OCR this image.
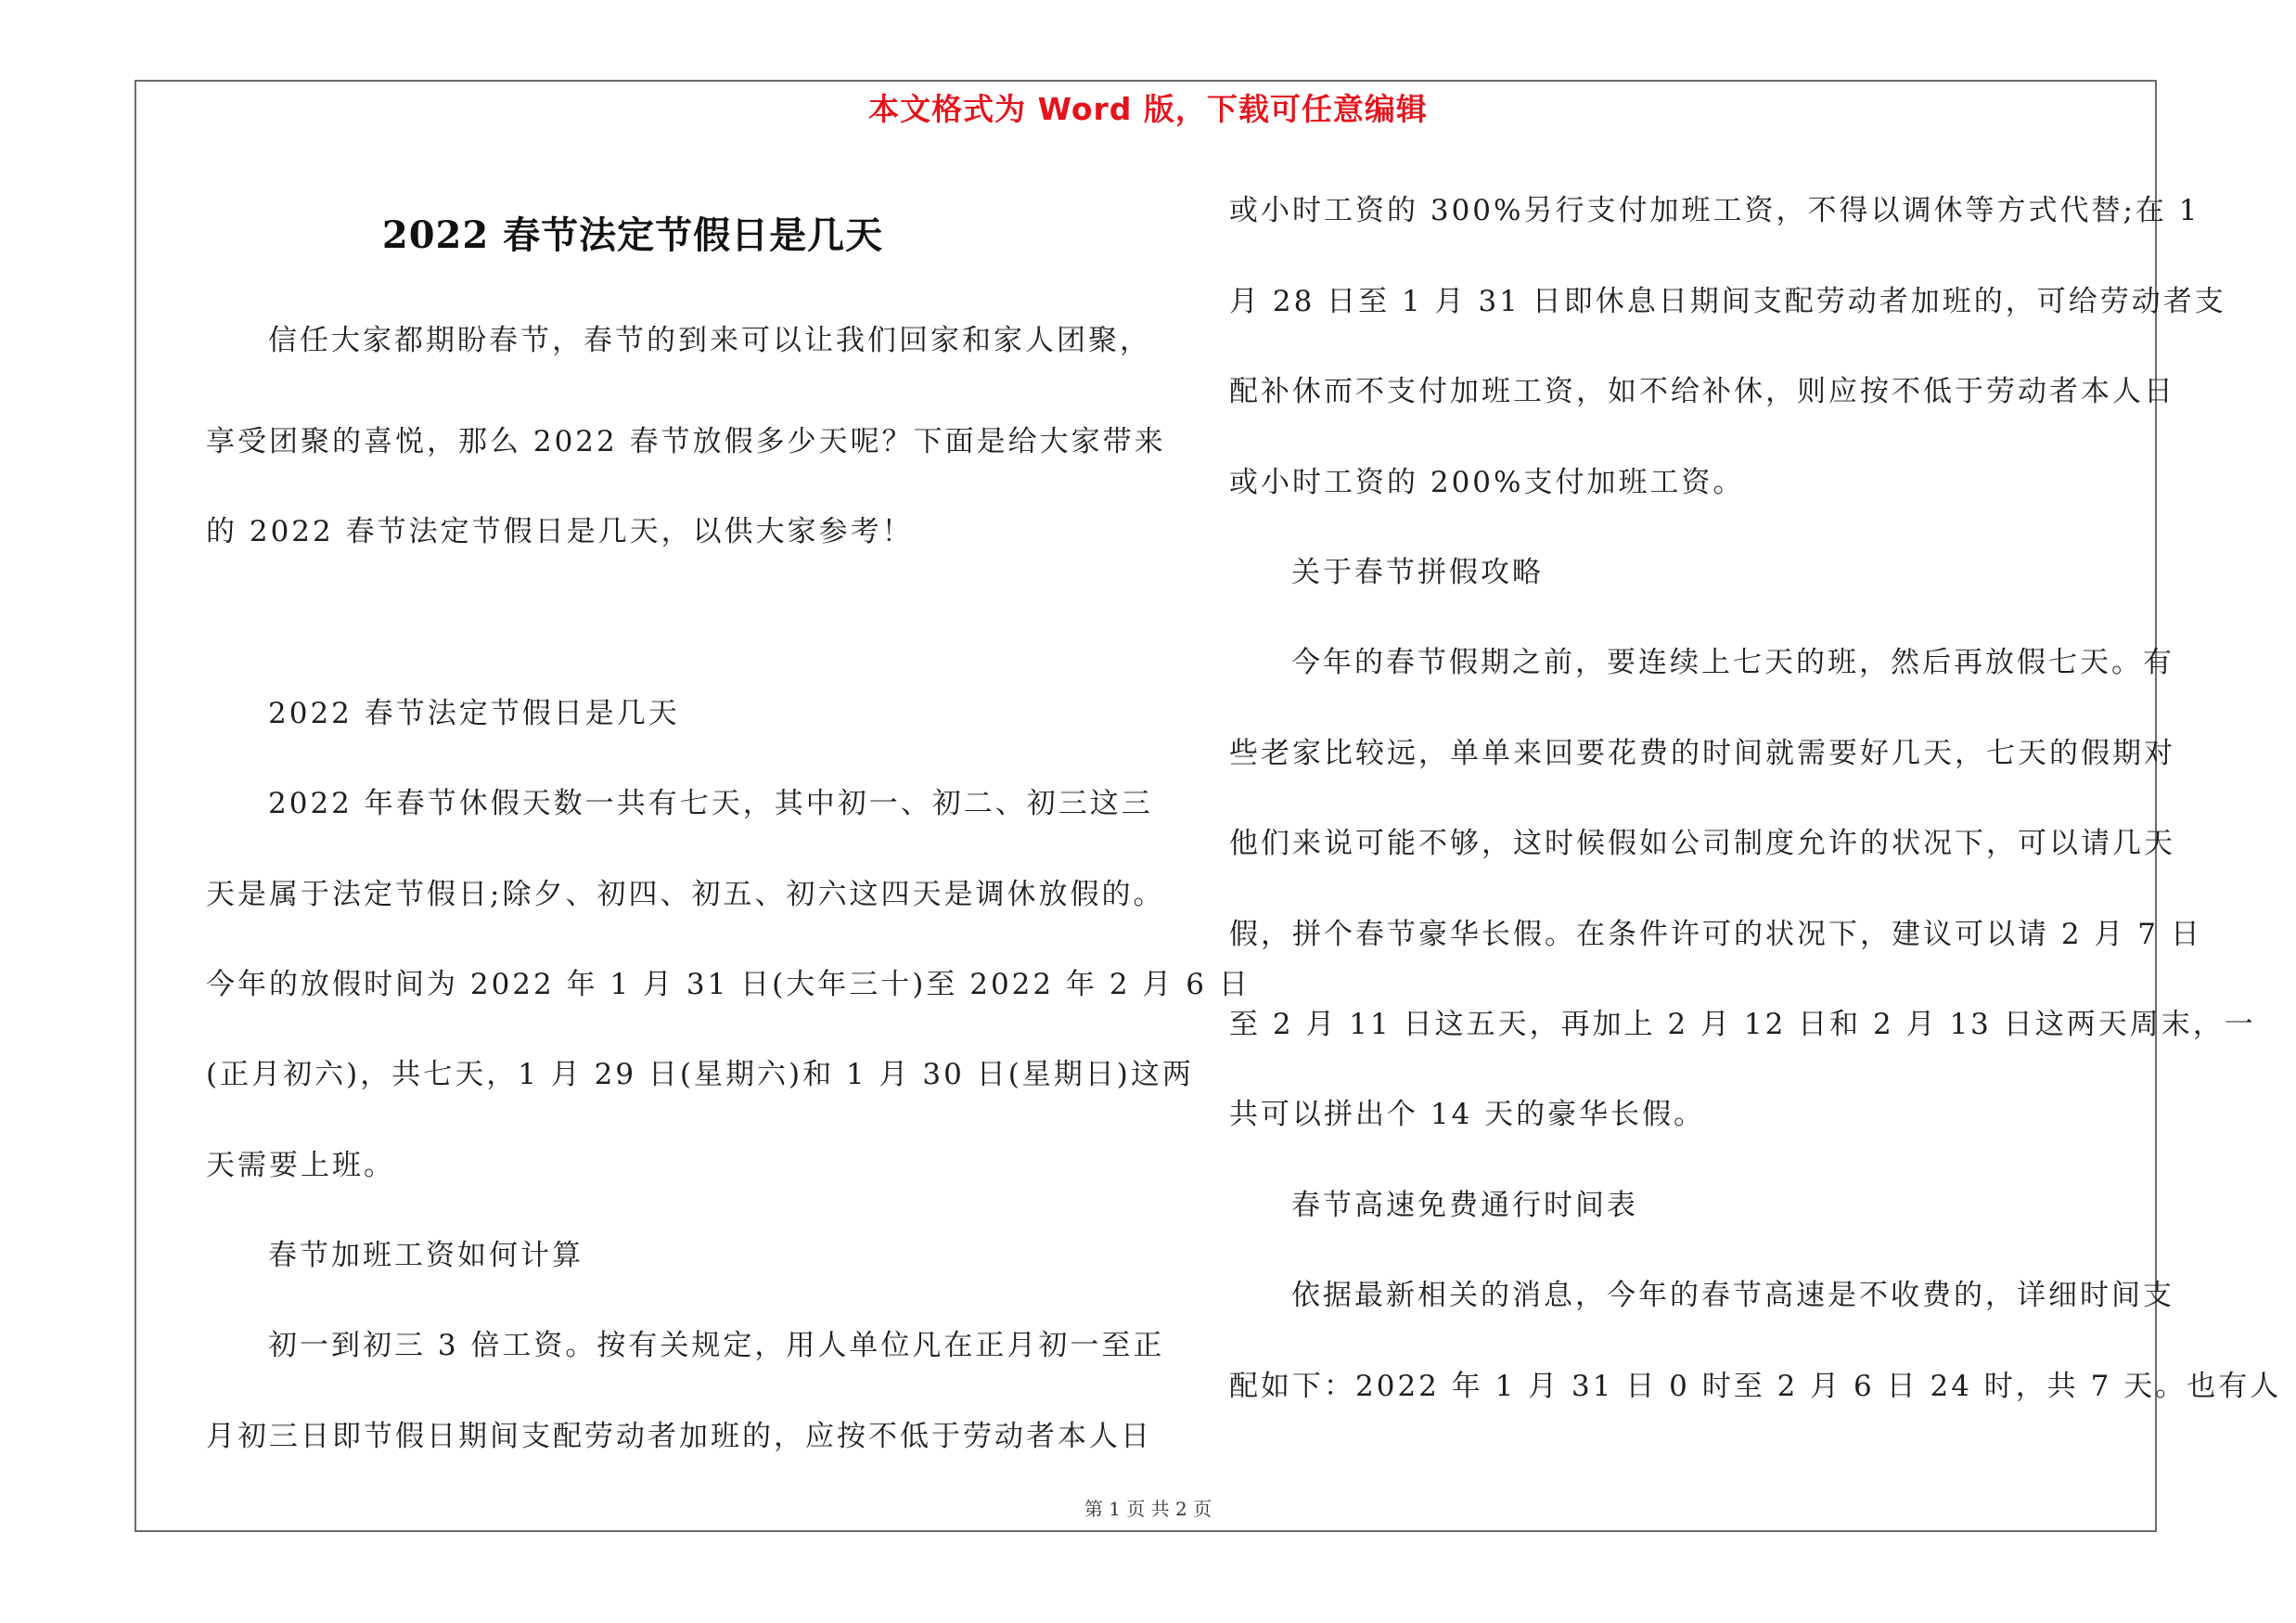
本文格式为 Word 版，下载可任意编辑
2022 春节法定节假日是几天
信任大家都期盼春节，春节的到来可以让我们回家和家人团聚，
享受团聚的喜悦，那么 2022 春节放假多少天呢？下面是给大家带来
的 2022 春节法定节假日是几天，以供大家参考！
2022 春节法定节假日是几天
2022 年春节休假天数一共有七天，其中初一、初二、初三这三
天是属于法定节假日;除夕、初四、初五、初六这四天是调休放假的。
今年的放假时间为 2022 年 1 月 31 日(大年三十)至 2022 年 2 月 6 日
(正月初六)，共七天，1 月 29 日(星期六)和 1 月 30 日(星期日)这两
天需要上班。
春节加班工资如何计算
初一到初三 3 倍工资。按有关规定，用人单位凡在正月初一至正
月初三日即节假日期间支配劳动者加班的，应按不低于劳动者本人日
或小时工资的 300%另行支付加班工资，不得以调休等方式代替;在 1
月 28 日至 1 月 31 日即休息日期间支配劳动者加班的，可给劳动者支
配补休而不支付加班工资，如不给补休，则应按不低于劳动者本人日
或小时工资的 200%支付加班工资。
关于春节拼假攻略
今年的春节假期之前，要连续上七天的班，然后再放假七天。有
些老家比较远，单单来回要花费的时间就需要好几天，七天的假期对
他们来说可能不够，这时候假如公司制度允许的状况下，可以请几天
假，拼个春节豪华长假。在条件许可的状况下，建议可以请 2 月 7 日
至 2 月 11 日这五天，再加上 2 月 12 日和 2 月 13 日这两天周末，一
共可以拼出个 14 天的豪华长假。
春节高速免费通行时间表
依据最新相关的消息，今年的春节高速是不收费的，详细时间支
配如下：2022 年 1 月 31 日 0 时至 2 月 6 日 24 时，共 7 天。也有人
第 1 页 共 2 页
